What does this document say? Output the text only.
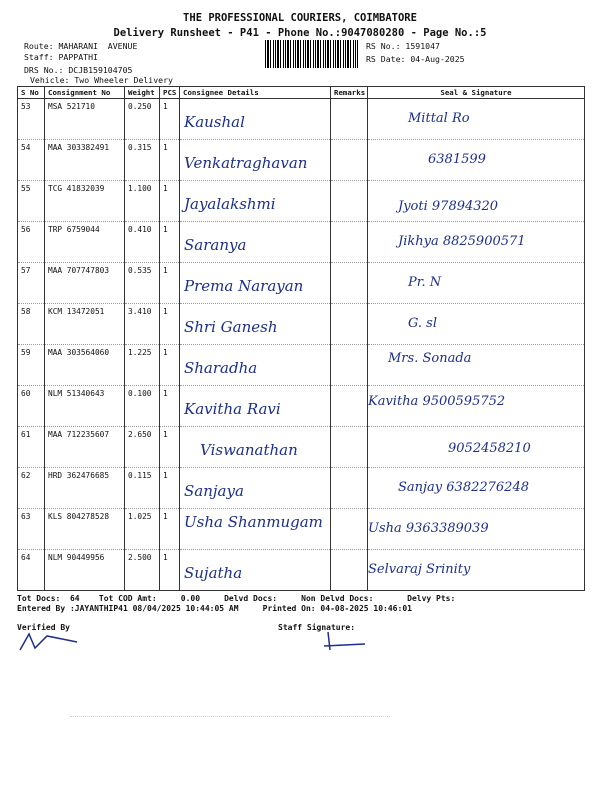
THE PROFESSIONAL COURIERS, COIMBATORE
Delivery Runsheet - P41 - Phone No.:9047080280 - Page No.:5
Route: MAHARANI  AVENUE
Staff: PAPPATHI
DRS No.: DCJB159104705
Vehicle: Two Wheeler Delivery
RS No.: 1591047
RS Date: 04-Aug-2025
S No	Consignment No	Weight	PCS	Consignee Details	Remarks	Seal & Signature
53	MSA 521710	0.250	1	Kaushal		Mittal Ro

54	MAA 303382491	0.315	1	Venkatraghavan		6381599

55	TCG 41832039	1.100	1	Jayalakshmi		Jyoti 97894320

56	TRP 6759044	0.410	1	Saranya		Jikhya 8825900571

57	MAA 707747803	0.535	1	Prema Narayan		Pr. N

58	KCM 13472051	3.410	1	Shri Ganesh		G. sl

59	MAA 303564060	1.225	1	Sharadha		Mrs. Sonada

60	NLM 51340643	0.100	1	Kavitha Ravi		Kavitha 9500595752

61	MAA 712235607	2.650	1	Viswanathan		9052458210

62	HRD 362476685	0.115	1	Sanjaya		Sanjay 6382276248

63	KLS 804278528	1.025	1	Usha Shanmugam		Usha 9363389039

64	NLM 90449956	2.500	1	Sujatha		Selvaraj Srinity
Tot Docs:  64    Tot COD Amt:     0.00     Delvd Docs:     Non Delvd Docs:       Delvy Pts:
Entered By :JAYANTHIP41 08/04/2025 10:44:05 AM     Printed On: 04-08-2025 10:46:01
Verified By	Staff Signature:
